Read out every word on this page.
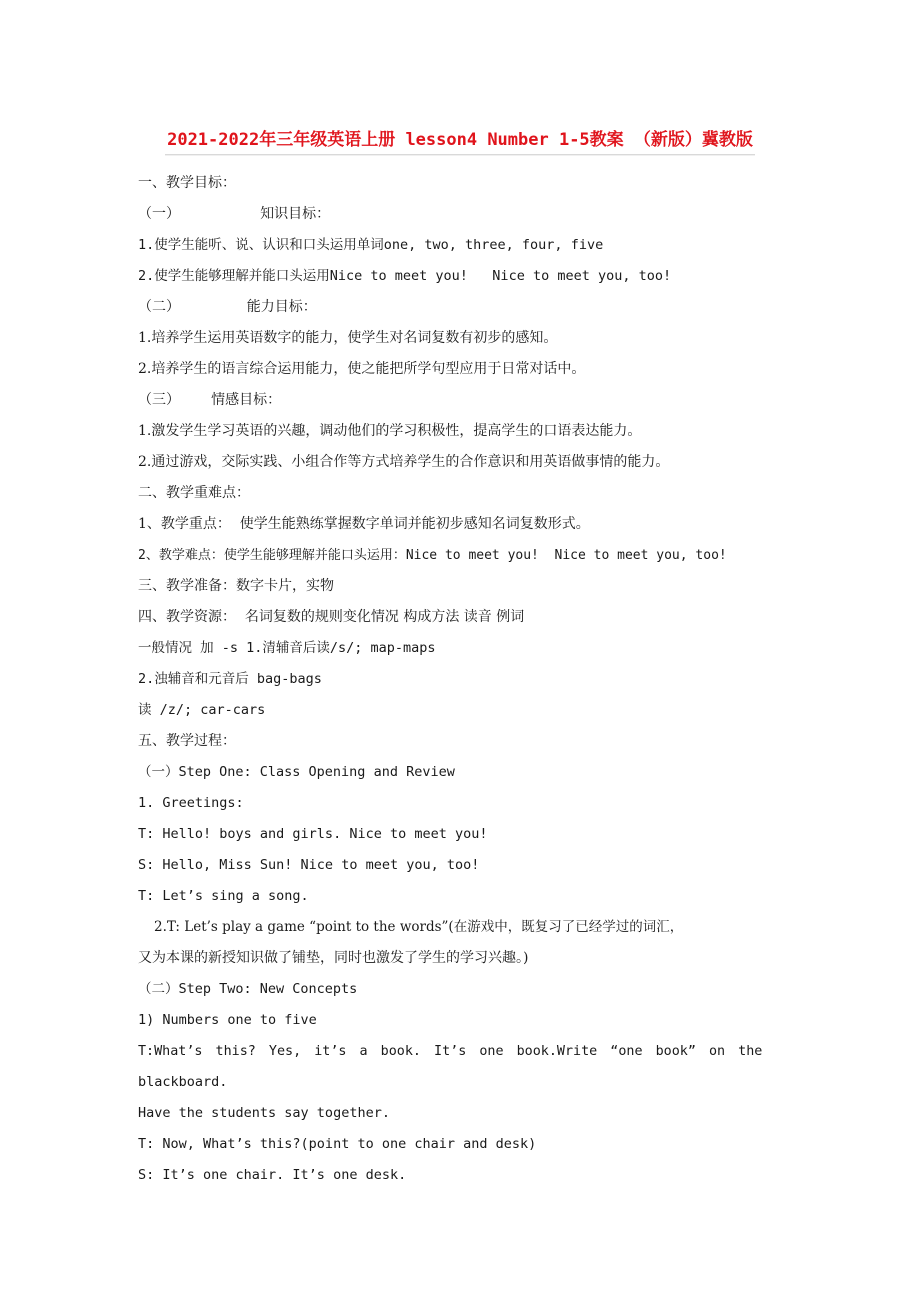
2021-2022年三年级英语上册 lesson4 Number 1-5教案 （新版）冀教版
一、教学目标：
（一）                  知识目标：
1.使学生能听、说、认识和口头运用单词one, two, three, four, five
2.使学生能够理解并能口头运用Nice to meet you!   Nice to meet you, too!
（二）               能力目标：
1.培养学生运用英语数字的能力，使学生对名词复数有初步的感知。
2.培养学生的语言综合运用能力，使之能把所学句型应用于日常对话中。
（三）       情感目标：
1.激发学生学习英语的兴趣，调动他们的学习积极性，提高学生的口语表达能力。
2.通过游戏，交际实践、小组合作等方式培养学生的合作意识和用英语做事情的能力。
二、教学重难点：
1、教学重点：  使学生能熟练掌握数字单词并能初步感知名词复数形式。
2、教学难点：使学生能够理解并能口头运用：Nice to meet you!  Nice to meet you, too!
三、教学准备：数字卡片，实物
四、教学资源：  名词复数的规则变化情况 构成方法 读音 例词
一般情况 加 -s 1.清辅音后读/s/; map-maps
2.浊辅音和元音后 bag-bags
读 /z/; car-cars
五、教学过程：
（一）Step One: Class Opening and Review
1. Greetings:
T: Hello! boys and girls. Nice to meet you!
S: Hello, Miss Sun! Nice to meet you, too!
T: Let’s sing a song.
2.T: Let’s play a game “point to the words”(在游戏中，既复习了已经学过的词汇，
又为本课的新授知识做了铺垫，同时也激发了学生的学习兴趣。)
（二）Step Two: New Concepts
1) Numbers one to five
T:What’s this? Yes, it’s a book. It’s one book.Write “one book” on the
blackboard.
Have the students say together.
T: Now, What’s this?(point to one chair and desk)
S: It’s one chair. It’s one desk.
